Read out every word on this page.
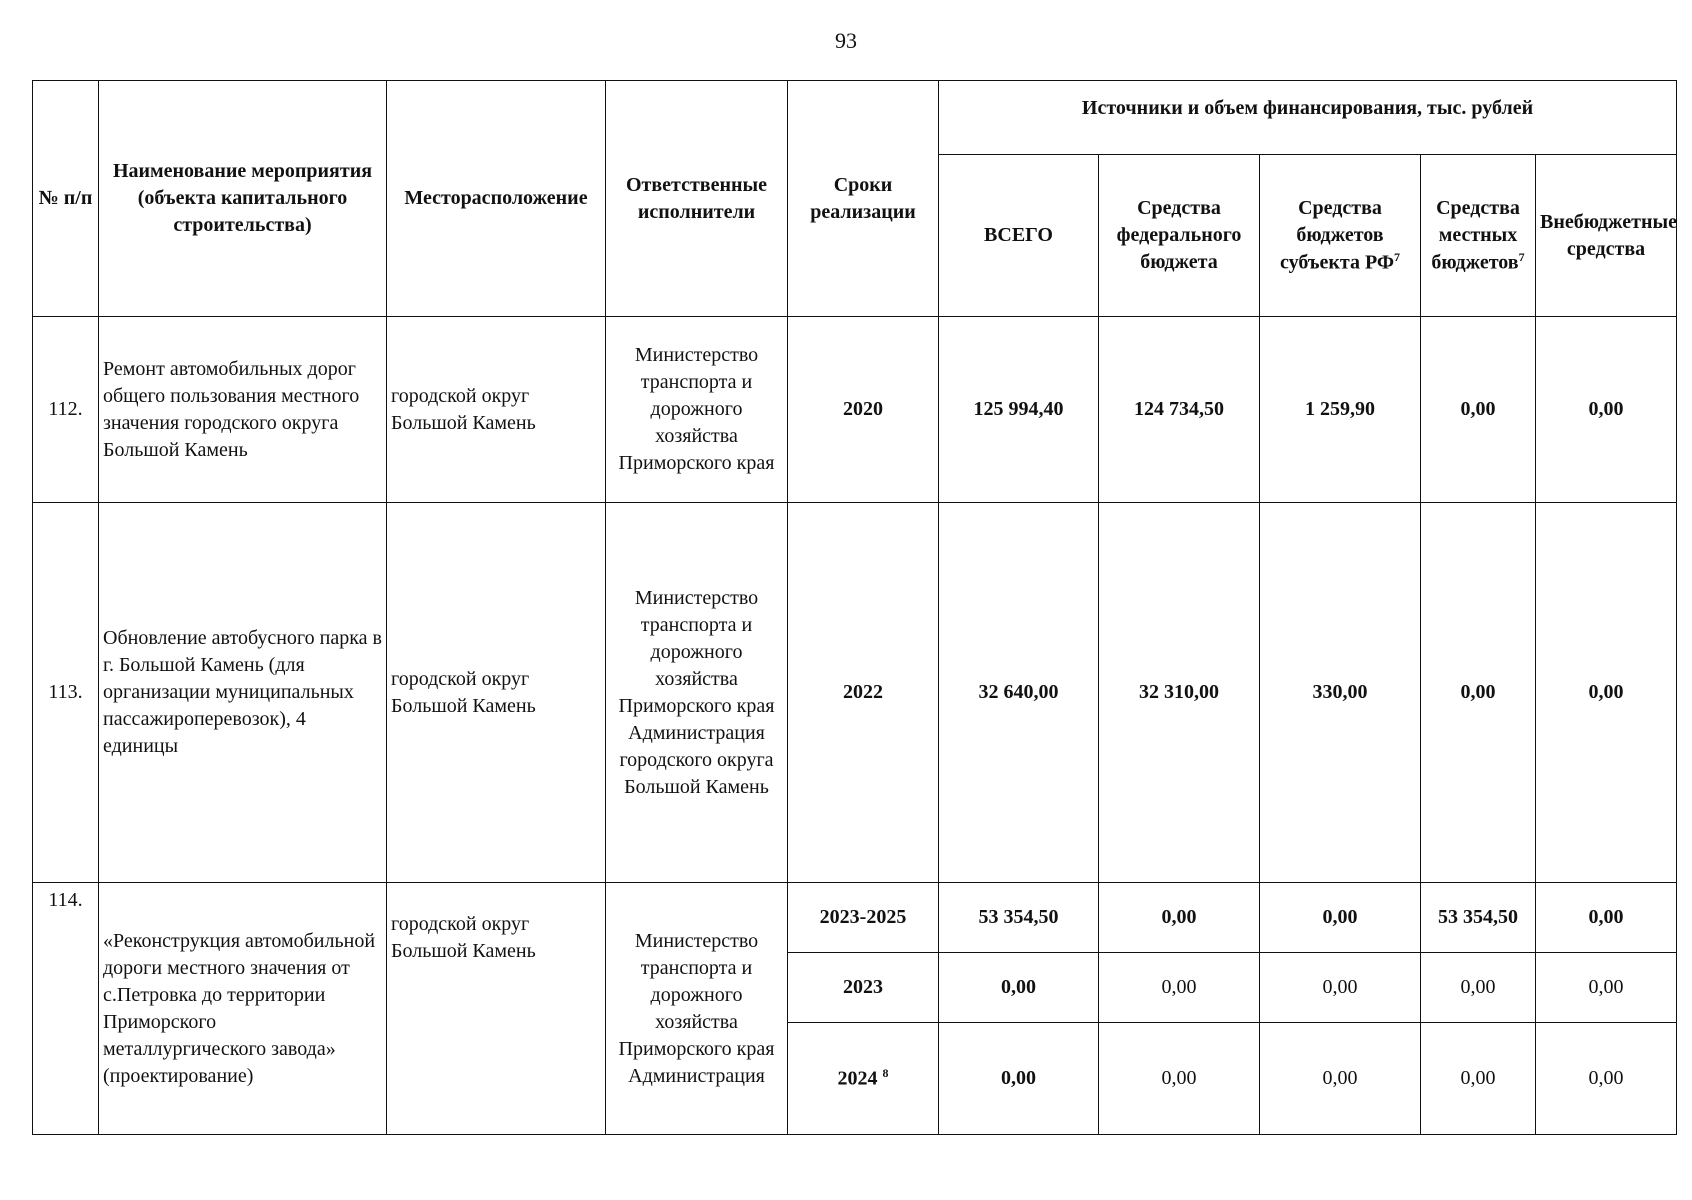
93
№ п/п	Наименование мероприятия (объекта капитального строительства)	Месторасположение	Ответственные исполнители	Сроки реализации	Источники и объем финансирования, тыс. рублей				
					ВСЕГО	Средства федерального бюджета	Средства бюджетов субъекта $РФ^7$	Средства местных бюджетов$^7$	Внебюджетные средства
112.	Ремонт автомобильных дорог общего пользования местного значения городского округа Большой Камень	городской округ Большой Камень	Министерство транспорта и дорожного хозяйства Приморского края	2020	125 994,40	124 734,50	1 259,90	0,00	0,00
113.	Обновление автобусного парка в г. Большой Камень (для организации муниципальных пассажироперевозок), 4 единицы	городской округ Большой Камень	Министерство транспорта и дорожного хозяйства Приморского края Администрация городского округа Большой Камень	2022	32 640,00	32 310,00	330,00	0,00	0,00
114.	«Реконструкция автомобильной дороги местного значения от с.Петровка до территории Приморского металлургического завода» (проектирование)	городской округ Большой Камень	Министерство транспорта и дорожного хозяйства Приморского края Администрация	2023-2025	53 354,50	0,00	0,00	53 354,50	0,00
				2023	0,00	0,00	0,00	0,00	0,00
				2024 $^8$	0,00	0,00	0,00	0,00	0,00
